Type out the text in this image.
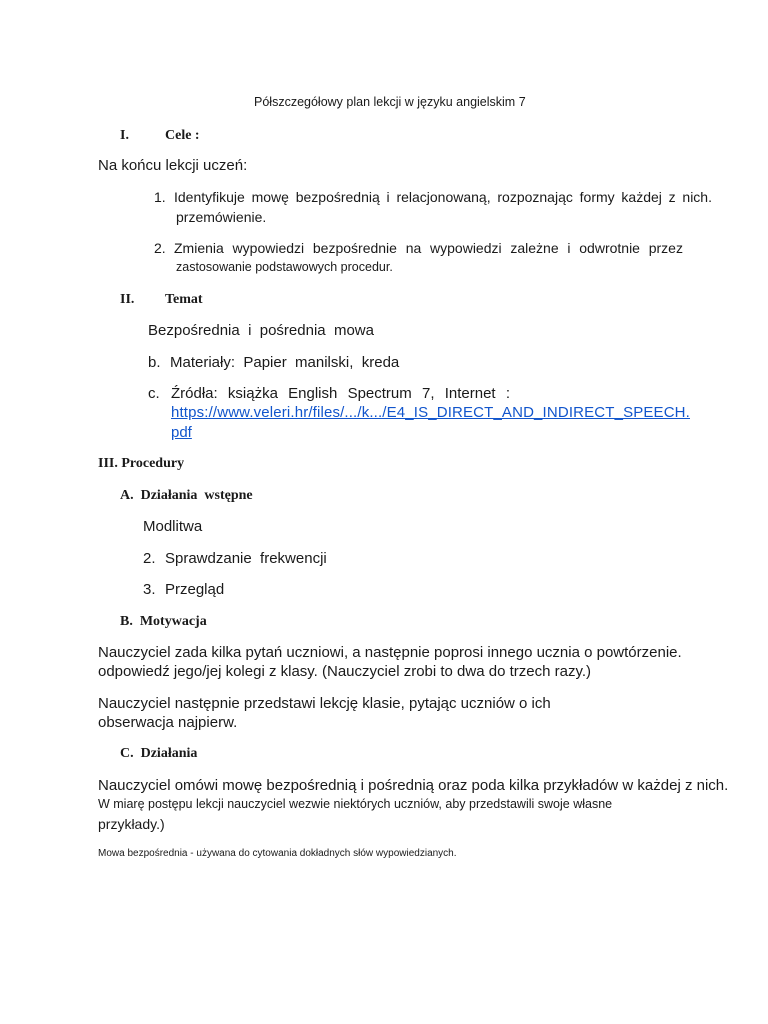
Półszczegółowy plan lekcji w języku angielskim 7
I.	Cele :
Na końcu lekcji uczeń:
1. Identyfikuje mowę bezpośrednią i relacjonowaną, rozpoznając formy każdej z nich.
przemówienie.
2. Zmienia wypowiedzi bezpośrednie na wypowiedzi zależne i odwrotnie przez
zastosowanie podstawowych procedur.
II. Temat
Bezpośrednia  i  pośrednia  mowa
b. Materiały:  Papier  manilski,  kreda
c. Źródła: książka English Spectrum 7, Internet :
https://www.veleri.hr/files/.../k.../E4_IS_DIRECT_AND_INDIRECT_SPEECH.
pdf
III. Procedury
A.  Działania  wstępne
Modlitwa
2. Sprawdzanie  frekwencji
3. Przegląd
B.  Motywacja
Nauczyciel zada kilka pytań uczniowi, a następnie poprosi innego ucznia o powtórzenie.
odpowiedź jego/jej kolegi z klasy. (Nauczyciel zrobi to dwa do trzech razy.)
Nauczyciel następnie przedstawi lekcję klasie, pytając uczniów o ich
obserwacja najpierw.
C.  Działania
Nauczyciel omówi mowę bezpośrednią i pośrednią oraz poda kilka przykładów w każdej z nich.
W miarę postępu lekcji nauczyciel wezwie niektórych uczniów, aby przedstawili swoje własne
przykłady.)
Mowa bezpośrednia - używana do cytowania dokładnych słów wypowiedzianych.
